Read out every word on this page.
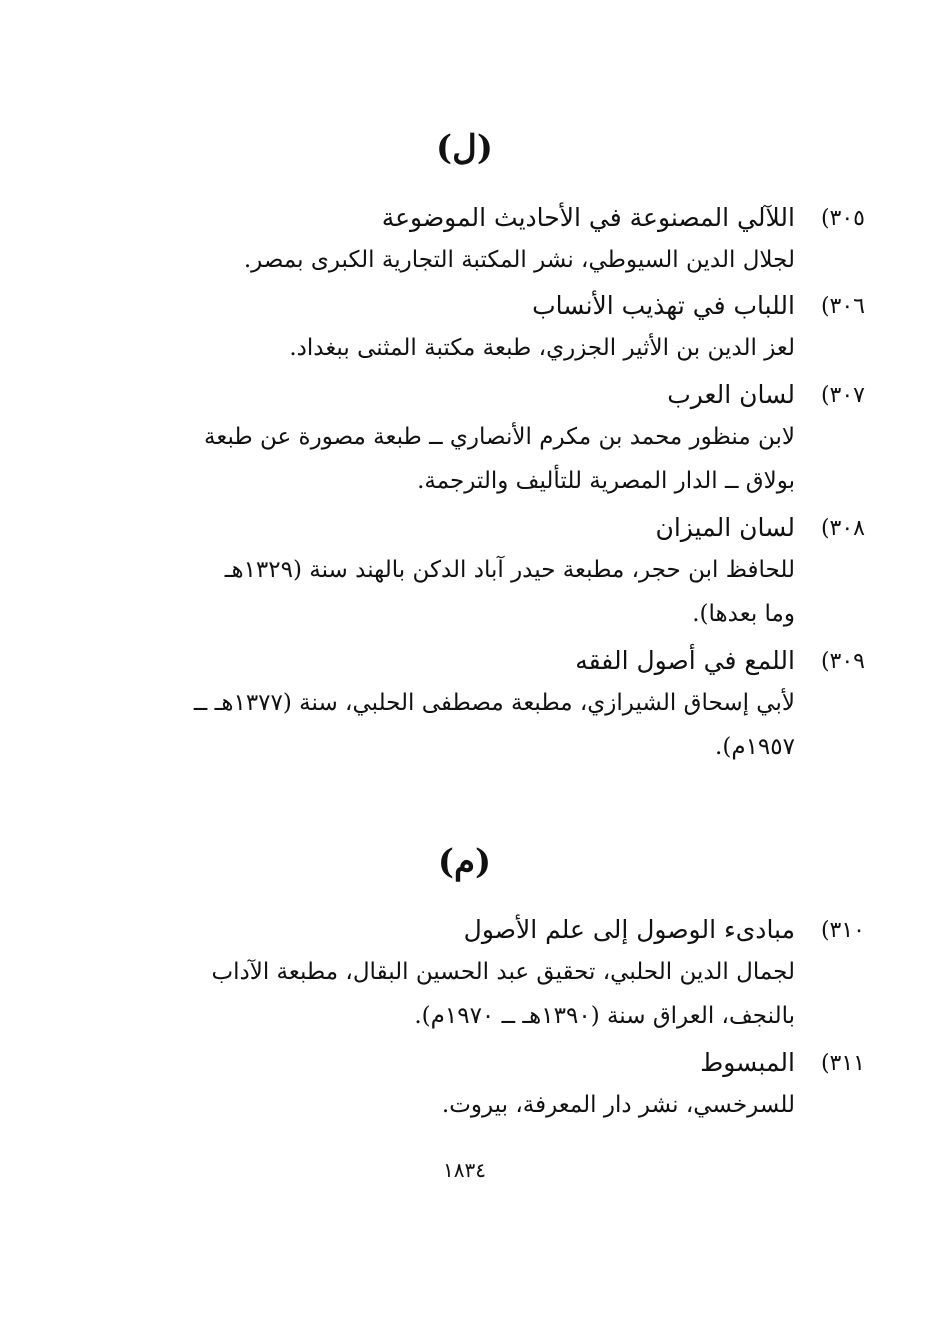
(ل)
٣٠٥)
اللآلي المصنوعة في الأحاديث الموضوعة
لجلال الدين السيوطي، نشر المكتبة التجارية الكبرى بمصر.
٣٠٦)
اللباب في تهذيب الأنساب
لعز الدين بن الأثير الجزري، طبعة مكتبة المثنى ببغداد.
٣٠٧)
لسان العرب
لابن منظور محمد بن مكرم الأنصاري ــ طبعة مصورة عن طبعة
بولاق ــ الدار المصرية للتأليف والترجمة.
٣٠٨)
لسان الميزان
للحافظ ابن حجر، مطبعة حيدر آباد الدكن بالهند سنة (١٣٢٩هـ
وما بعدها).
٣٠٩)
اللمع في أصول الفقه
لأبي إسحاق الشيرازي، مطبعة مصطفى الحلبي، سنة (١٣٧٧هـ ــ
١٩٥٧م).
(م)
٣١٠)
مبادىء الوصول إلى علم الأصول
لجمال الدين الحلبي، تحقيق عبد الحسين البقال، مطبعة الآداب
بالنجف، العراق سنة (١٣٩٠هـ ــ ١٩٧٠م).
٣١١)
المبسوط
للسرخسي، نشر دار المعرفة، بيروت.
١٨٣٤
